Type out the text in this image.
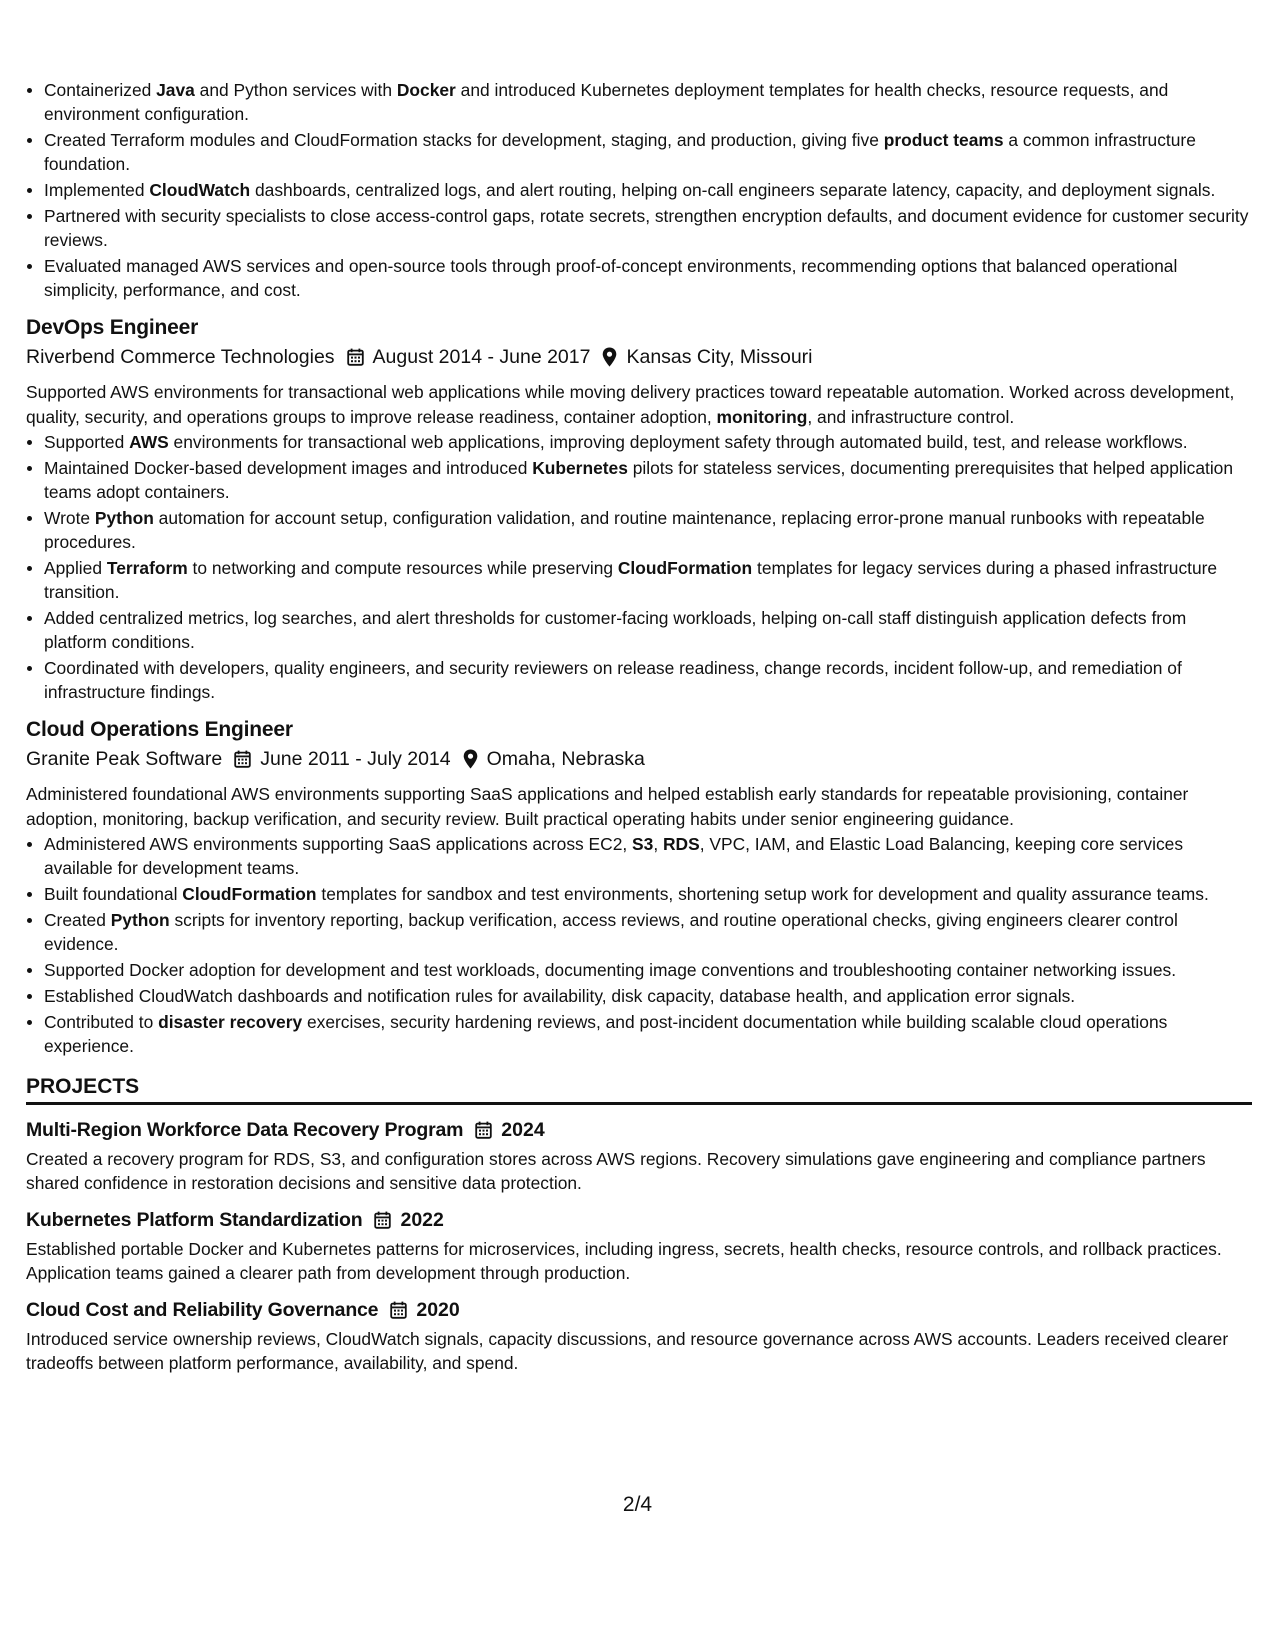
Containerized Java and Python services with Docker and introduced Kubernetes deployment templates for health checks, resource requests, and environment configuration.
Created Terraform modules and CloudFormation stacks for development, staging, and production, giving five product teams a common infrastructure foundation.
Implemented CloudWatch dashboards, centralized logs, and alert routing, helping on-call engineers separate latency, capacity, and deployment signals.
Partnered with security specialists to close access-control gaps, rotate secrets, strengthen encryption defaults, and document evidence for customer security reviews.
Evaluated managed AWS services and open-source tools through proof-of-concept environments, recommending options that balanced operational simplicity, performance, and cost.
DevOps Engineer
Riverbend Commerce Technologies August 2014 - June 2017 Kansas City, Missouri
Supported AWS environments for transactional web applications while moving delivery practices toward repeatable automation. Worked across development, quality, security, and operations groups to improve release readiness, container adoption, monitoring, and infrastructure control.
Supported AWS environments for transactional web applications, improving deployment safety through automated build, test, and release workflows.
Maintained Docker-based development images and introduced Kubernetes pilots for stateless services, documenting prerequisites that helped application teams adopt containers.
Wrote Python automation for account setup, configuration validation, and routine maintenance, replacing error-prone manual runbooks with repeatable procedures.
Applied Terraform to networking and compute resources while preserving CloudFormation templates for legacy services during a phased infrastructure transition.
Added centralized metrics, log searches, and alert thresholds for customer-facing workloads, helping on-call staff distinguish application defects from platform conditions.
Coordinated with developers, quality engineers, and security reviewers on release readiness, change records, incident follow-up, and remediation of infrastructure findings.
Cloud Operations Engineer
Granite Peak Software June 2011 - July 2014 Omaha, Nebraska
Administered foundational AWS environments supporting SaaS applications and helped establish early standards for repeatable provisioning, container adoption, monitoring, backup verification, and security review. Built practical operating habits under senior engineering guidance.
Administered AWS environments supporting SaaS applications across EC2, S3, RDS, VPC, IAM, and Elastic Load Balancing, keeping core services available for development teams.
Built foundational CloudFormation templates for sandbox and test environments, shortening setup work for development and quality assurance teams.
Created Python scripts for inventory reporting, backup verification, access reviews, and routine operational checks, giving engineers clearer control evidence.
Supported Docker adoption for development and test workloads, documenting image conventions and troubleshooting container networking issues.
Established CloudWatch dashboards and notification rules for availability, disk capacity, database health, and application error signals.
Contributed to disaster recovery exercises, security hardening reviews, and post-incident documentation while building scalable cloud operations experience.
PROJECTS
Multi-Region Workforce Data Recovery Program 2024
Created a recovery program for RDS, S3, and configuration stores across AWS regions. Recovery simulations gave engineering and compliance partners shared confidence in restoration decisions and sensitive data protection.
Kubernetes Platform Standardization 2022
Established portable Docker and Kubernetes patterns for microservices, including ingress, secrets, health checks, resource controls, and rollback practices. Application teams gained a clearer path from development through production.
Cloud Cost and Reliability Governance 2020
Introduced service ownership reviews, CloudWatch signals, capacity discussions, and resource governance across AWS accounts. Leaders received clearer tradeoffs between platform performance, availability, and spend.
2/4
